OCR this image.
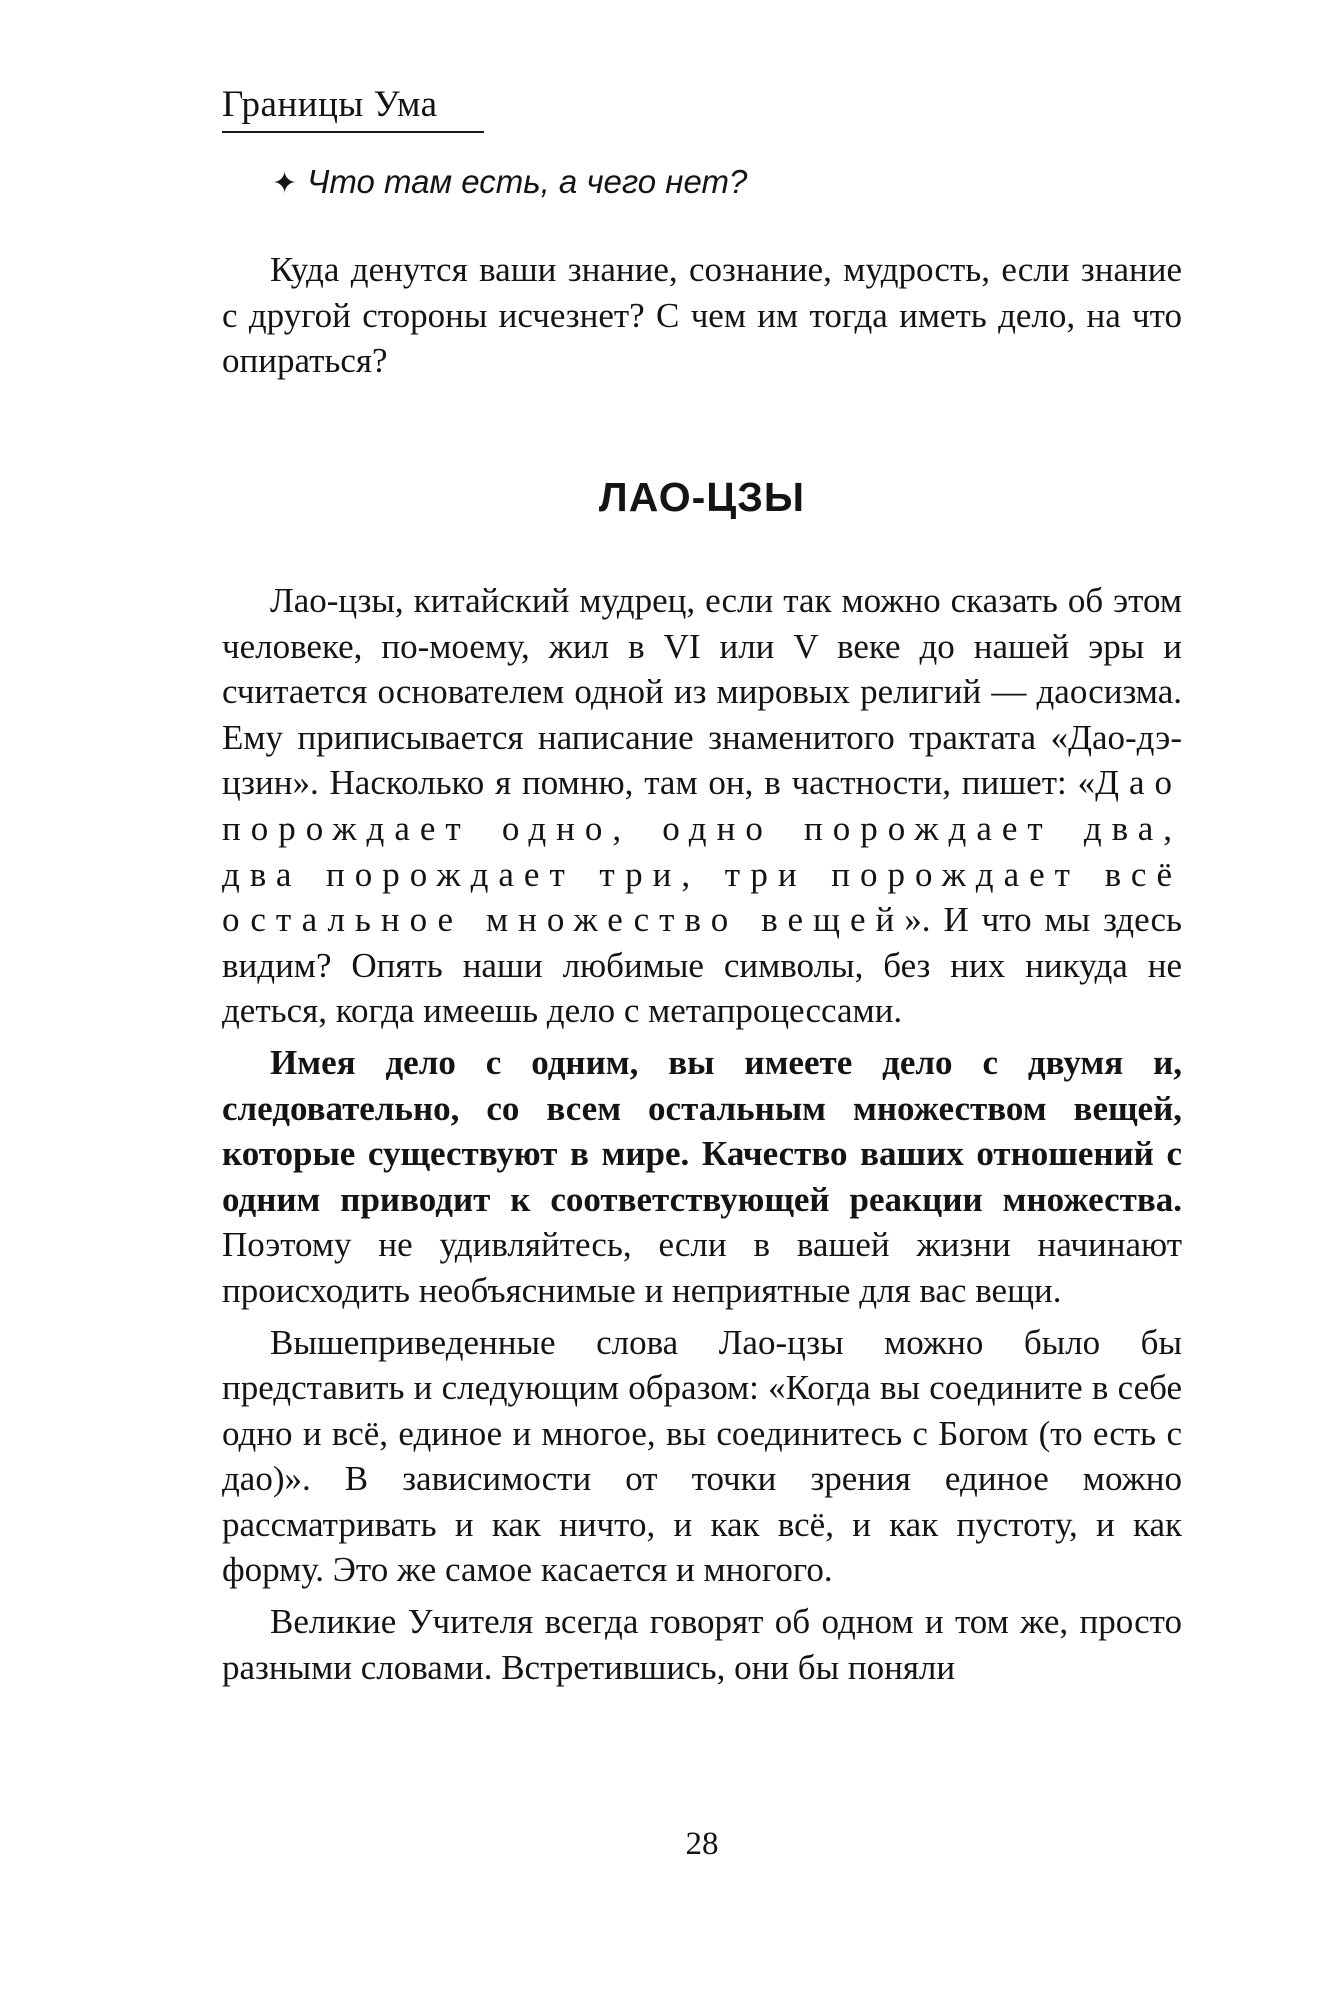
Границы Ума
✦ Что там есть, а чего нет?

Куда денутся ваши знание, сознание, мудрость, если знание с другой стороны исчезнет? С чем им тогда иметь дело, на что опираться?

ЛАО-ЦЗЫ

Лао-цзы, китайский мудрец, если так можно сказать об этом человеке, по-моему, жил в VI или V веке до нашей эры и считается основателем одной из мировых религий — даосизма. Ему приписывается написание знаменитого трактата «Дао-дэ-цзин». Насколько я помню, там он, в частности, пишет: «Дао порождает одно, одно порождает два, два порождает три, три порождает всё остальное множество вещей». И что мы здесь видим? Опять наши любимые символы, без них никуда не деться, когда имеешь дело с метапроцессами.

Имея дело с одним, вы имеете дело с двумя и, следовательно, со всем остальным множеством вещей, которые существуют в мире. Качество ваших отношений с одним приводит к соответствующей реакции множества. Поэтому не удивляйтесь, если в вашей жизни начинают происходить необъяснимые и неприятные для вас вещи.

Вышеприведенные слова Лао-цзы можно было бы представить и следующим образом: «Когда вы соедините в себе одно и всё, единое и многое, вы соединитесь с Богом (то есть с дао)». В зависимости от точки зрения единое можно рассматривать и как ничто, и как всё, и как пустоту, и как форму. Это же самое касается и многого.

Великие Учителя всегда говорят об одном и том же, просто разными словами. Встретившись, они бы поняли

28
